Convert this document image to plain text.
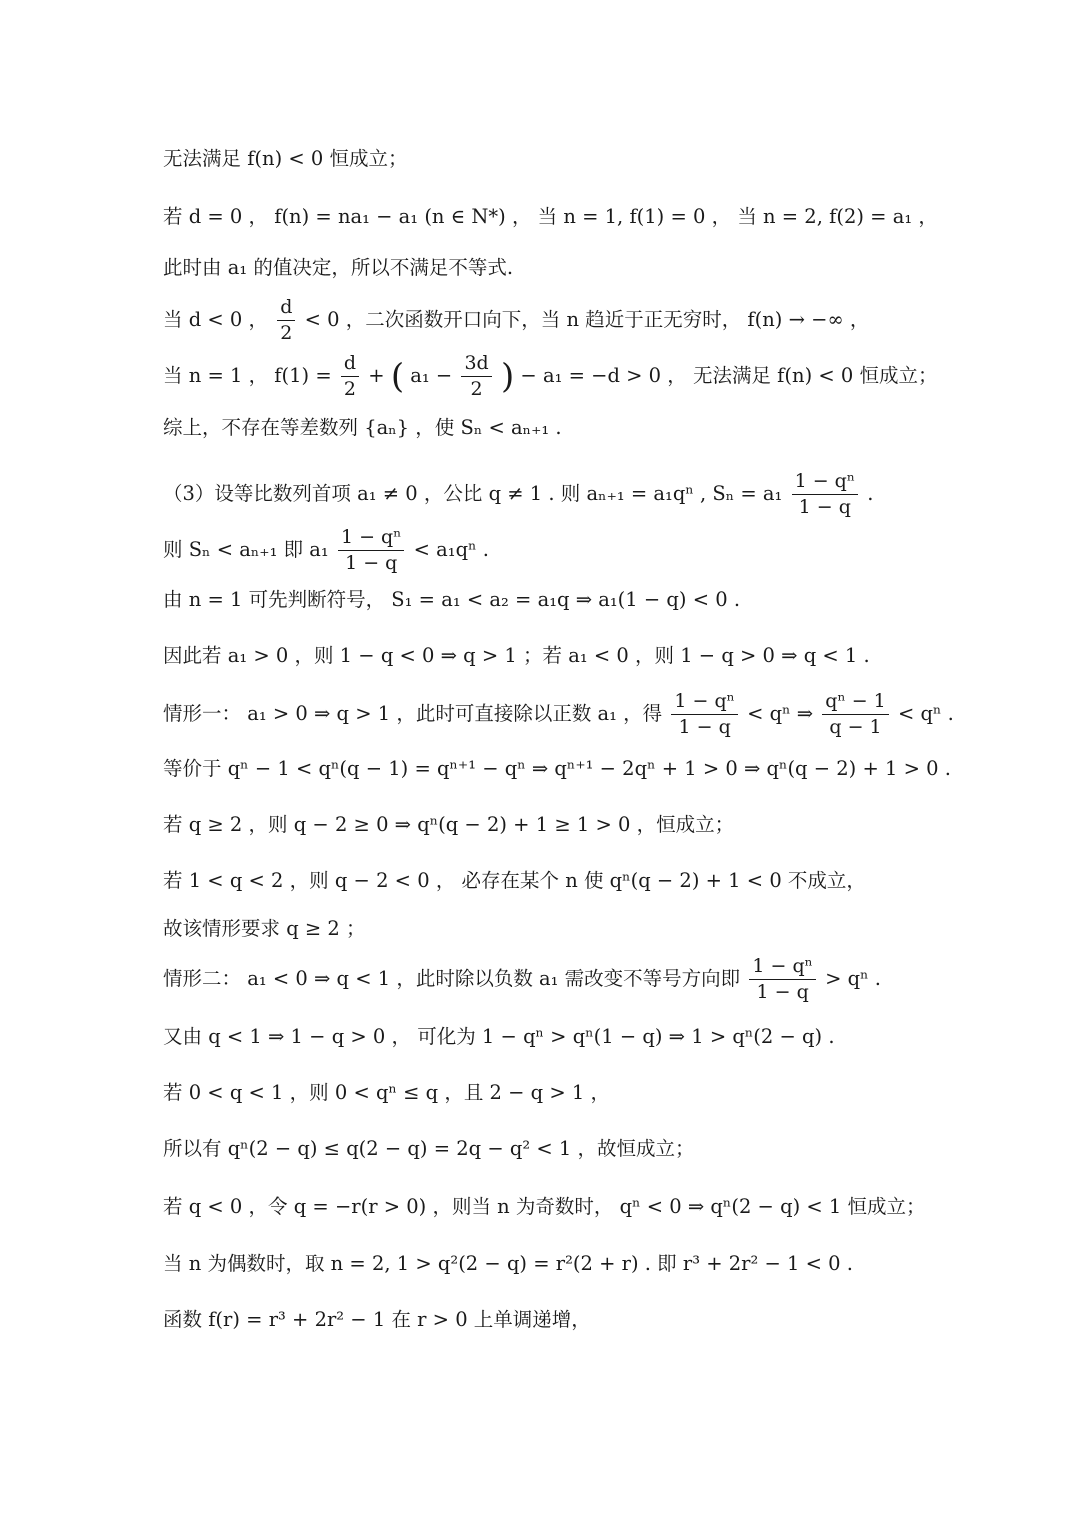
无法满足 f(n) < 0 恒成立；
若 d = 0 ， f(n) = na₁ − a₁ (n ∈ N*) ， 当 n = 1, f(1) = 0 ， 当 n = 2, f(2) = a₁ ，
此时由 a₁ 的值决定，所以不满足不等式.
当 d < 0 ， $\frac{d}{2} < 0$ ，二次函数开口向下，当 n 趋近于正无穷时， f(n) → −∞ ，
当 n = 1 ， $f(1) = \frac{d}{2}$ + ( $a_1 - \frac{3d}{2}$ ) − a₁ = −d > 0 ， 无法满足 f(n) < 0 恒成立；
综上，不存在等差数列 {aₙ} ，使 Sₙ < aₙ₊₁ .
（3）设等比数列首项 a₁ ≠ 0 ，公比 q ≠ 1 . 则 aₙ₊₁ = a₁qⁿ , $S_n = a_1 \frac{\text{1 − qⁿ}}{1 - q}$ .
则 Sₙ < aₙ₊₁ 即 $a_1 \frac{\text{1 − qⁿ}}{1 - q} < a_1q^n$ .
由 n = 1 可先判断符号， S₁ = a₁ < a₂ = a₁q ⇒ a₁(1 − q) < 0 .
因此若 a₁ > 0 ，则 1 − q < 0 ⇒ q > 1 ；若 a₁ < 0 ，则 1 − q > 0 ⇒ q < 1 .
情形一： a₁ > 0 ⇒ q > 1 ，此时可直接除以正数 a₁ ，得 $\frac{\text{1 − qⁿ}}{1 - q} < q^n$ ⇒ $\frac{\text{qⁿ − 1}}{q - 1} < q^n$ .
等价于 qⁿ − 1 < qⁿ(q − 1) = qⁿ⁺¹ − qⁿ ⇒ qⁿ⁺¹ − 2qⁿ + 1 > 0 ⇒ qⁿ(q − 2) + 1 > 0 .
若 q ≥ 2 ，则 q − 2 ≥ 0 ⇒ qⁿ(q − 2) + 1 ≥ 1 > 0 ，恒成立；
若 1 < q < 2 ，则 q − 2 < 0 ， 必存在某个 n 使 qⁿ(q − 2) + 1 < 0 不成立，
故该情形要求 q ≥ 2 ；
情形二： a₁ < 0 ⇒ q < 1 ，此时除以负数 a₁ 需改变不等号方向即 $\frac{\text{1 − qⁿ}}{1 - q} > q^n$ .
又由 q < 1 ⇒ 1 − q > 0 ， 可化为 1 − qⁿ > qⁿ(1 − q) ⇒ 1 > qⁿ(2 − q) .
若 0 < q < 1 ，则 0 < qⁿ ≤ q ，且 2 − q > 1 ，
所以有 qⁿ(2 − q) ≤ q(2 − q) = 2q − q² < 1 ，故恒成立；
若 q < 0 ，令 q = −r(r > 0) ，则当 n 为奇数时， qⁿ < 0 ⇒ qⁿ(2 − q) < 1 恒成立；
当 n 为偶数时，取 n = 2, 1 > q²(2 − q) = r²(2 + r) . 即 r³ + 2r² − 1 < 0 .
函数 f(r) = r³ + 2r² − 1 在 r > 0 上单调递增，
